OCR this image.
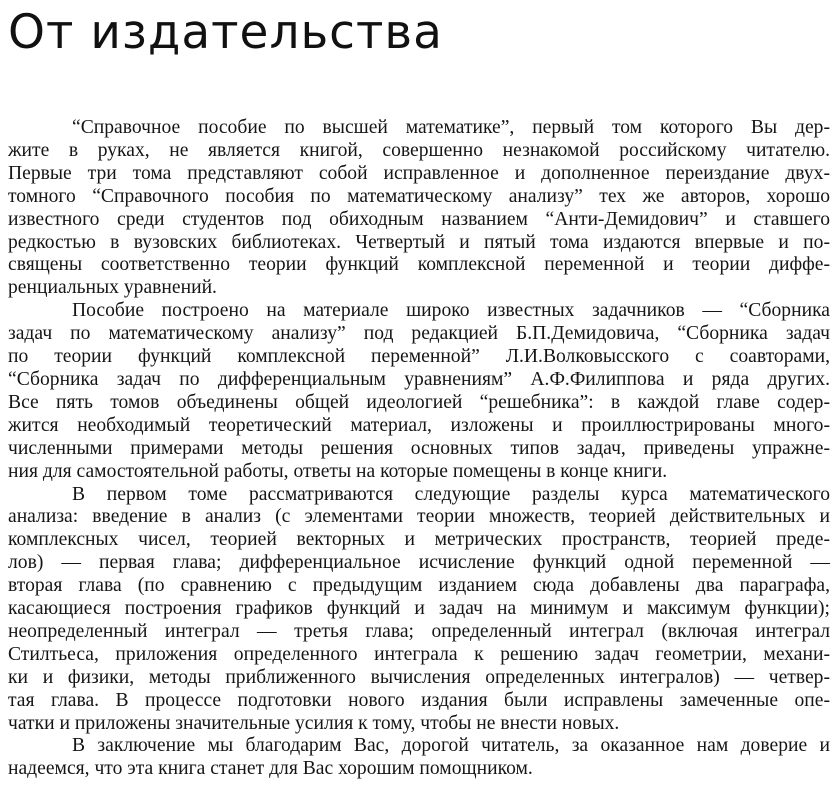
От издательства
“Справочное пособие по высшей математике”, первый том которого Вы дер-
жите в руках, не является книгой, совершенно незнакомой российскому читателю.
Первые три тома представляют собой исправленное и дополненное переиздание двух-
томного “Справочного пособия по математическому анализу” тех же авторов, хорошо
известного среди студентов под обиходным названием “Анти-Демидович” и ставшего
редкостью в вузовских библиотеках. Четвертый и пятый тома издаются впервые и по-
священы соответственно теории функций комплексной переменной и теории диффе-
ренциальных уравнений.
Пособие построено на материале широко известных задачников — “Сборника
задач по математическому анализу” под редакцией Б.П.Демидовича, “Сборника задач
по теории функций комплексной переменной” Л.И.Волковысского с соавторами,
“Сборника задач по дифференциальным уравнениям” А.Ф.Филиппова и ряда других.
Все пять томов объединены общей идеологией “решебника”: в каждой главе содер-
жится необходимый теоретический материал, изложены и проиллюстрированы много-
численными примерами методы решения основных типов задач, приведены упражне-
ния для самостоятельной работы, ответы на которые помещены в конце книги.
В первом томе рассматриваются следующие разделы курса математического
анализа: введение в анализ (с элементами теории множеств, теорией действительных и
комплексных чисел, теорией векторных и метрических пространств, теорией преде-
лов) — первая глава; дифференциальное исчисление функций одной переменной —
вторая глава (по сравнению с предыдущим изданием сюда добавлены два параграфа,
касающиеся построения графиков функций и задач на минимум и максимум функции);
неопределенный интеграл — третья глава; определенный интеграл (включая интеграл
Стилтьеса, приложения определенного интеграла к решению задач геометрии, механи-
ки и физики, методы приближенного вычисления определенных интегралов) — четвер-
тая глава. В процессе подготовки нового издания были исправлены замеченные опе-
чатки и приложены значительные усилия к тому, чтобы не внести новых.
В заключение мы благодарим Вас, дорогой читатель, за оказанное нам доверие и
надеемся, что эта книга станет для Вас хорошим помощником.
